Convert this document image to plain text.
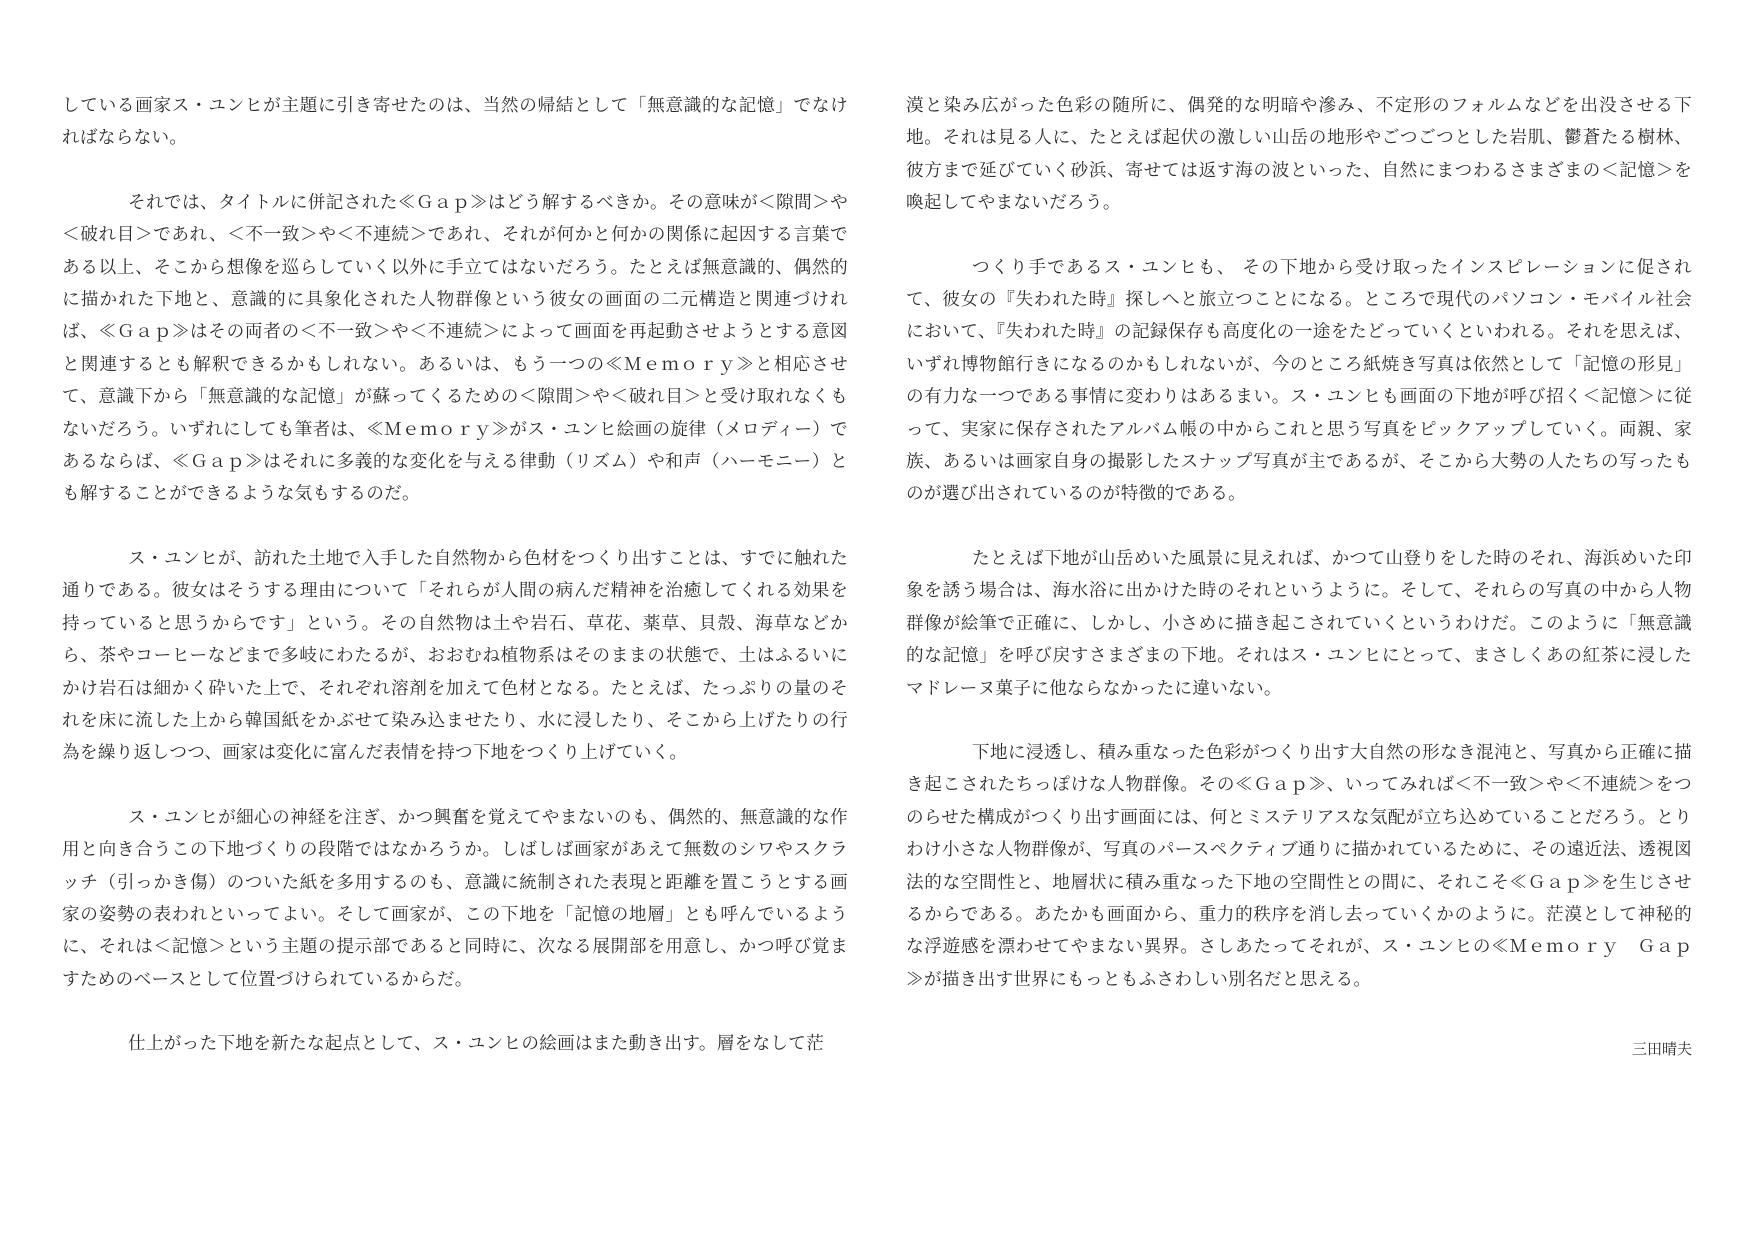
している画家ス・ユンヒが主題に引き寄せたのは、当然の帰結として「無意識的な記憶」でなければならない。

それでは、タイトルに併記された≪Ｇａｐ≫はどう解するべきか。その意味が＜隙間＞や＜破れ目＞であれ、＜不一致＞や＜不連続＞であれ、それが何かと何かの関係に起因する言葉である以上、そこから想像を巡らしていく以外に手立てはないだろう。たとえば無意識的、偶然的に描かれた下地と、意識的に具象化された人物群像という彼女の画面の二元構造と関連づければ、≪Ｇａｐ≫はその両者の＜不一致＞や＜不連続＞によって画面を再起動させようとする意図と関連するとも解釈できるかもしれない。あるいは、もう一つの≪Ｍｅｍｏｒｙ≫と相応させて、意識下から「無意識的な記憶」が蘇ってくるための＜隙間＞や＜破れ目＞と受け取れなくもないだろう。いずれにしても筆者は、≪Ｍｅｍｏｒｙ≫がス・ユンヒ絵画の旋律（メロディー）であるならば、≪Ｇａｐ≫はそれに多義的な変化を与える律動（リズム）や和声（ハーモニー）とも解することができるような気もするのだ。

ス・ユンヒが、訪れた土地で入手した自然物から色材をつくり出すことは、すでに触れた通りである。彼女はそうする理由について「それらが人間の病んだ精神を治癒してくれる効果を持っていると思うからです」という。その自然物は土や岩石、草花、薬草、貝殻、海草などから、茶やコーヒーなどまで多岐にわたるが、おおむね植物系はそのままの状態で、土はふるいにかけ岩石は細かく砕いた上で、それぞれ溶剤を加えて色材となる。たとえば、たっぷりの量のそれを床に流した上から韓国紙をかぶせて染み込ませたり、水に浸したり、そこから上げたりの行為を繰り返しつつ、画家は変化に富んだ表情を持つ下地をつくり上げていく。

ス・ユンヒが細心の神経を注ぎ、かつ興奮を覚えてやまないのも、偶然的、無意識的な作用と向き合うこの下地づくりの段階ではなかろうか。しばしば画家があえて無数のシワやスクラッチ（引っかき傷）のついた紙を多用するのも、意識に統制された表現と距離を置こうとする画家の姿勢の表われといってよい。そして画家が、この下地を「記憶の地層」とも呼んでいるように、それは＜記憶＞という主題の提示部であると同時に、次なる展開部を用意し、かつ呼び覚ますためのベースとして位置づけられているからだ。

仕上がった下地を新たな起点として、ス・ユンヒの絵画はまた動き出す。層をなして茫

漠と染み広がった色彩の随所に、偶発的な明暗や滲み、不定形のフォルムなどを出没させる下地。それは見る人に、たとえば起伏の激しい山岳の地形やごつごつとした岩肌、鬱蒼たる樹林、彼方まで延びていく砂浜、寄せては返す海の波といった、自然にまつわるさまざまの＜記憶＞を喚起してやまないだろう。

つくり手であるス・ユンヒも、 その下地から受け取ったインスピレーションに促されて、彼女の『失われた時』探しへと旅立つことになる。ところで現代のパソコン・モバイル社会において、『失われた時』の記録保存も高度化の一途をたどっていくといわれる。それを思えば、いずれ博物館行きになるのかもしれないが、今のところ紙焼き写真は依然として「記憶の形見」の有力な一つである事情に変わりはあるまい。ス・ユンヒも画面の下地が呼び招く＜記憶＞に従って、実家に保存されたアルバム帳の中からこれと思う写真をピックアップしていく。両親、家族、あるいは画家自身の撮影したスナップ写真が主であるが、そこから大勢の人たちの写ったものが選び出されているのが特徴的である。

たとえば下地が山岳めいた風景に見えれば、かつて山登りをした時のそれ、海浜めいた印象を誘う場合は、海水浴に出かけた時のそれというように。そして、それらの写真の中から人物群像が絵筆で正確に、しかし、小さめに描き起こされていくというわけだ。このように「無意識的な記憶」を呼び戻すさまざまの下地。それはス・ユンヒにとって、まさしくあの紅茶に浸したマドレーヌ菓子に他ならなかったに違いない。

下地に浸透し、積み重なった色彩がつくり出す大自然の形なき混沌と、写真から正確に描き起こされたちっぽけな人物群像。その≪Ｇａｐ≫、いってみれば＜不一致＞や＜不連続＞をつのらせた構成がつくり出す画面には、何とミステリアスな気配が立ち込めていることだろう。とりわけ小さな人物群像が、写真のパースペクティブ通りに描かれているために、その遠近法、透視図法的な空間性と、地層状に積み重なった下地の空間性との間に、それこそ≪Ｇａｐ≫を生じさせるからである。あたかも画面から、重力的秩序を消し去っていくかのように。茫漠として神秘的な浮遊感を漂わせてやまない異界。さしあたってそれが、ス・ユンヒの≪Ｍｅｍｏｒｙ　Ｇａｐ≫が描き出す世界にもっともふさわしい別名だと思える。

三田晴夫
